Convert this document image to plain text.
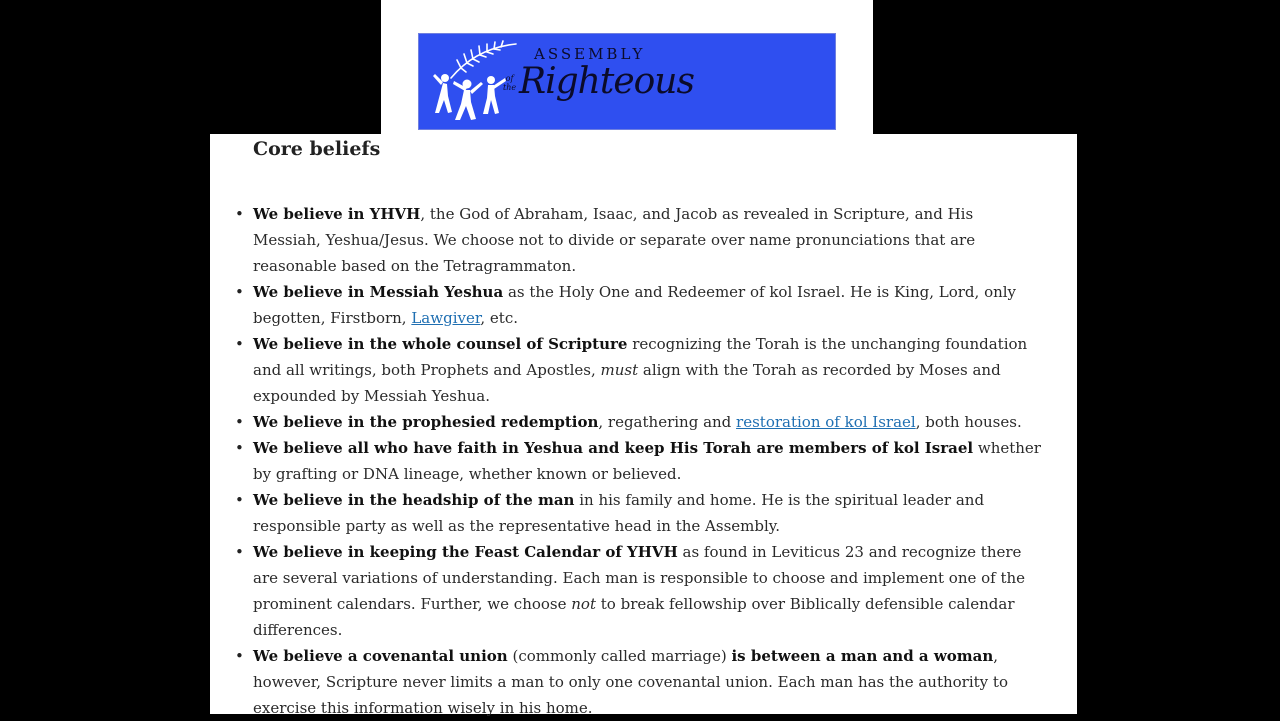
ASSEMBLY
of
the Righteous
Core beliefs
• We believe in YHVH, the God of Abraham, Isaac, and Jacob as revealed in Scripture, and His Messiah, Yeshua/Jesus. We choose not to divide or separate over name pronunciations that are reasonable based on the Tetragrammaton.
• We believe in Messiah Yeshua as the Holy One and Redeemer of kol Israel. He is King, Lord, only begotten, Firstborn, Lawgiver, etc.
• We believe in the whole counsel of Scripture recognizing the Torah is the unchanging foundation and all writings, both Prophets and Apostles, must align with the Torah as recorded by Moses and expounded by Messiah Yeshua.
• We believe in the prophesied redemption, regathering and restoration of kol Israel, both houses.
• We believe all who have faith in Yeshua and keep His Torah are members of kol Israel whether by grafting or DNA lineage, whether known or believed.
• We believe in the headship of the man in his family and home. He is the spiritual leader and responsible party as well as the representative head in the Assembly.
• We believe in keeping the Feast Calendar of YHVH as found in Leviticus 23 and recognize there are several variations of understanding. Each man is responsible to choose and implement one of the prominent calendars. Further, we choose not to break fellowship over Biblically defensible calendar differences.
• We believe a covenantal union (commonly called marriage) is between a man and a woman, however, Scripture never limits a man to only one covenantal union. Each man has the authority to exercise this information wisely in his home.
